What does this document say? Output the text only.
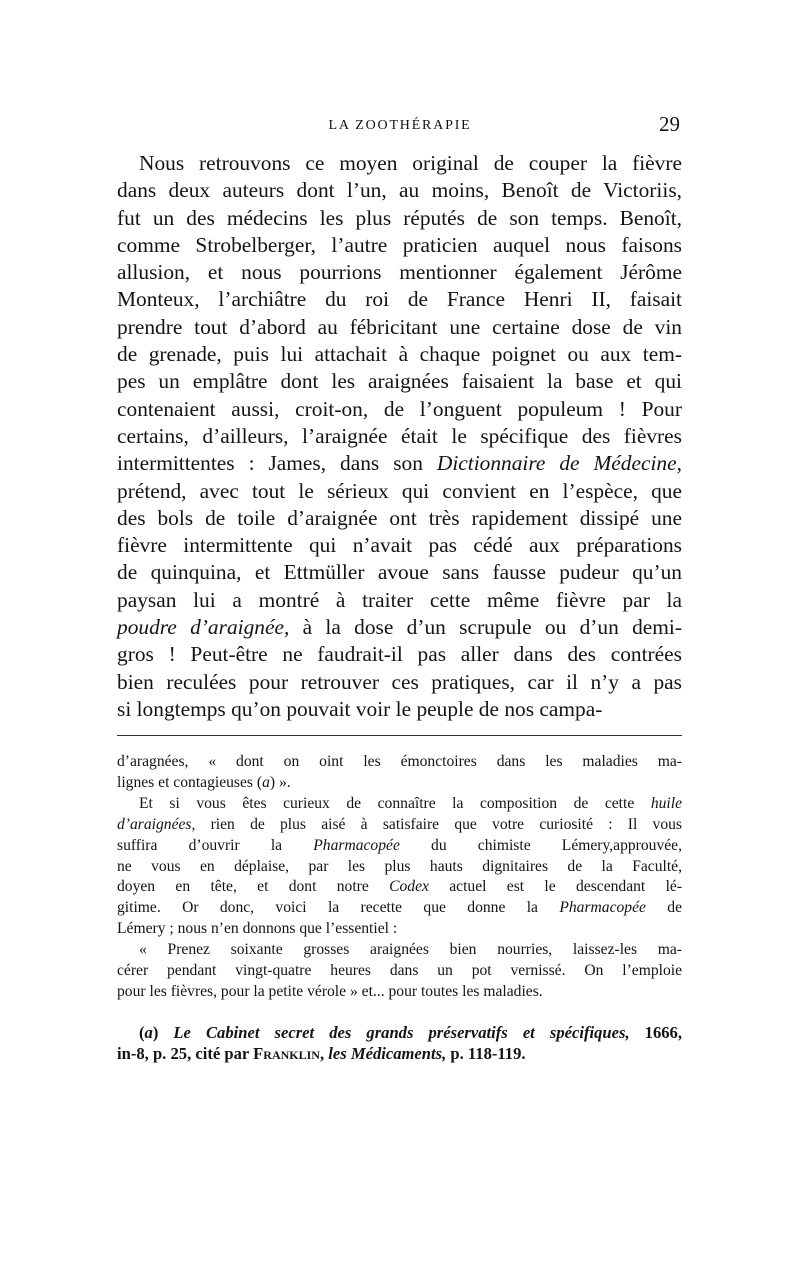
LA ZOOTHÉRAPIE	29
Nous retrouvons ce moyen original de couper la fièvre
dans deux auteurs dont l’un, au moins, Benoît de Victoriis,
fut un des médecins les plus réputés de son temps. Benoît,
comme Strobelberger, l’autre praticien auquel nous faisons
allusion, et nous pourrions mentionner également Jérôme
Monteux, l’archiâtre du roi de France Henri II, faisait
prendre tout d’abord au fébricitant une certaine dose de vin
de grenade, puis lui attachait à chaque poignet ou aux tem-
pes un emplâtre dont les araignées faisaient la base et qui
contenaient aussi, croit-on, de l’onguent populeum ! Pour
certains, d’ailleurs, l’araignée était le spécifique des fièvres
intermittentes : James, dans son Dictionnaire de Médecine,
prétend, avec tout le sérieux qui convient en l’espèce, que
des bols de toile d’araignée ont très rapidement dissipé une
fièvre intermittente qui n’avait pas cédé aux préparations
de quinquina, et Ettmüller avoue sans fausse pudeur qu’un
paysan lui a montré à traiter cette même fièvre par la
poudre d’araignée, à la dose d’un scrupule ou d’un demi-
gros ! Peut-être ne faudrait-il pas aller dans des contrées
bien reculées pour retrouver ces pratiques, car il n’y a pas
si longtemps qu’on pouvait voir le peuple de nos campa-
d’aragnées, « dont on oint les émonctoires dans les maladies ma-
lignes et contagieuses (a) ».
Et si vous êtes curieux de connaître la composition de cette huile
d’araignées, rien de plus aisé à satisfaire que votre curiosité : Il vous
suffira d’ouvrir la Pharmacopée du chimiste Lémery,approuvée,
ne vous en déplaise, par les plus hauts dignitaires de la Faculté,
doyen en tête, et dont notre Codex actuel est le descendant lé-
gitime. Or donc, voici la recette que donne la Pharmacopée de
Lémery ; nous n’en donnons que l’essentiel :
« Prenez soixante grosses araignées bien nourries, laissez-les ma-
cérer pendant vingt-quatre heures dans un pot vernissé. On l’emploie
pour les fièvres, pour la petite vérole » et... pour toutes les maladies.
(a) Le Cabinet secret des grands préservatifs et spécifiques, 1666,
in-8, p. 25, cité par Franklin, les Médicaments, p. 118-119.
